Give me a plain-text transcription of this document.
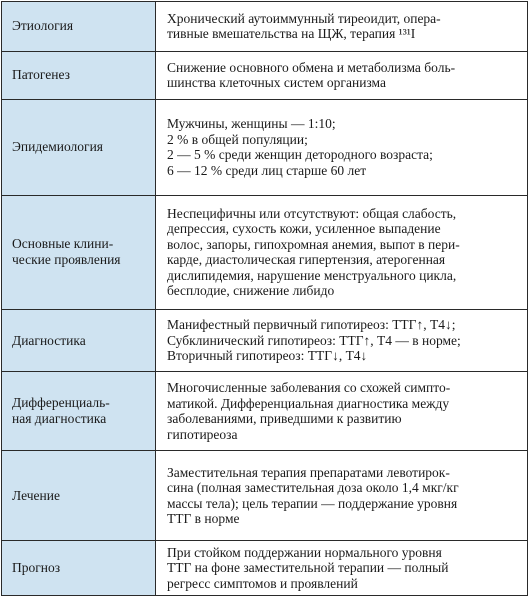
Этиология	Хронический аутоиммунный тиреоидит, опера-
тивные вмешательства на ЩЖ, терапия ¹³¹I
Патогенез	Снижение основного обмена и метаболизма боль-
шинства клеточных систем организма
Эпидемиология
Мужчины, женщины — 1:10;
2 % в общей популяции;
2 — 5 % среди женщин детородного возраста;
6 — 12 % среди лиц старше 60 лет
Основные клини-
ческие проявления
Неспецифичны или отсутствуют: общая слабость,
депрессия, сухость кожи, усиленное выпадение
волос, запоры, гипохромная анемия, выпот в пери-
карде, диастолическая гипертензия, атерогенная
дислипидемия, нарушение менструального цикла,
бесплодие, снижение либидо
Диагностика
Манифестный первичный гипотиреоз: ТТГ↑, Т4↓;
Субклинический гипотиреоз: ТТГ↑, Т4 — в норме;
Вторичный гипотиреоз: ТТГ↓, Т4↓
Дифференциаль-
ная диагностика
Многочисленные заболевания со схожей симпто-
матикой. Дифференциальная диагностика между
заболеваниями, приведшими к развитию
гипотиреоза
Лечение
Заместительная терапия препаратами левотирок-
сина (полная заместительная доза около 1,4 мкг/кг
массы тела); цель терапии — поддержание уровня
ТТГ в норме
Прогноз
При стойком поддержании нормального уровня
ТТГ на фоне заместительной терапии — полный
регресс симптомов и проявлений
